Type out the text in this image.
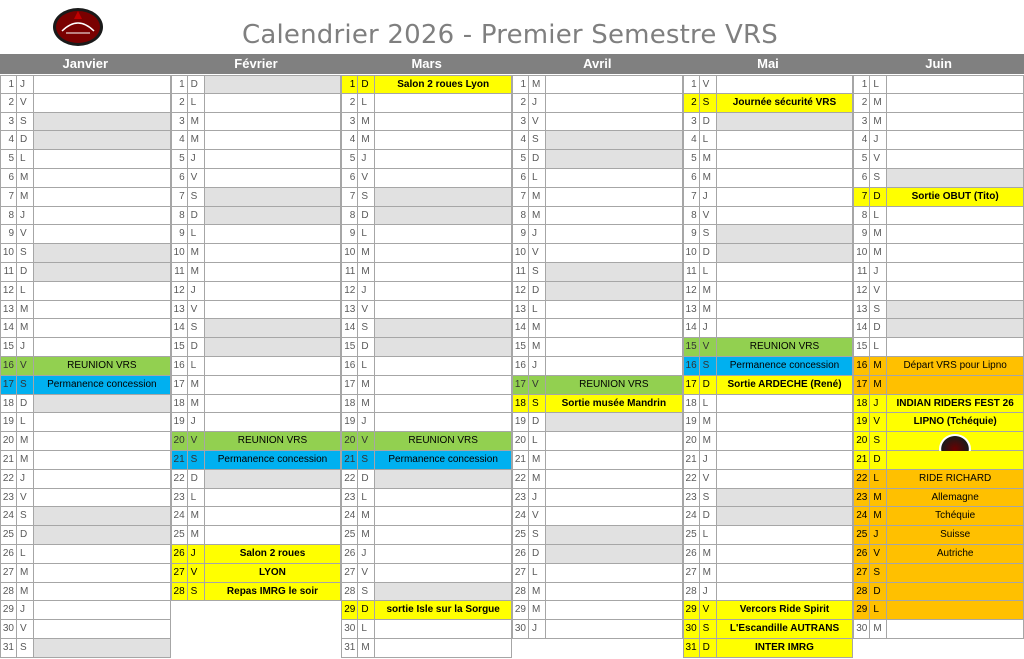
Calendrier 2026 - Premier Semestre VRS
Janvier	Février	Mars	Avril	Mai	Juin
1 J
2 V
3 S
4 D
5 L
6 M
7 M
8 J
9 V
10 S
11 D
12 L
13 M
14 M
15 J
16 V	REUNION VRS
17 S	Permanence concession
18 D
19 L
20 M
21 M
22 J
23 V
24 S
25 D
26 L
27 M
28 M
29 J
30 V
31 S
1 D
2 L
3 M
4 M
5 J
6 V
7 S
8 D
9 L
10 M
11 M
12 J
13 V
14 S
15 D
16 L
17 M
18 M
19 J
20 V	REUNION VRS
21 S	Permanence concession
22 D
23 L
24 M
25 M
26 J	Salon 2 roues
27 V	LYON
28 S	Repas IMRG le soir
1 D	Salon 2 roues Lyon
2 L
3 M
4 M
5 J
6 V
7 S
8 D
9 L
10 M
11 M
12 J
13 V
14 S
15 D
16 L
17 M
18 M
19 J
20 V	REUNION VRS
21 S	Permanence concession
22 D
23 L
24 M
25 M
26 J
27 V
28 S
29 D	sortie Isle sur la Sorgue
30 L
31 M
1 M
2 J
3 V
4 S
5 D
6 L
7 M
8 M
9 J
10 V
11 S
12 D
13 L
14 M
15 M
16 J
17 V	REUNION VRS
18 S	Sortie musée Mandrin
19 D
20 L
21 M
22 M
23 J
24 V
25 S
26 D
27 L
28 M
29 M
30 J
1 V
2 S	Journée sécurité VRS
3 D
4 L
5 M
6 M
7 J
8 V
9 S
10 D
11 L
12 M
13 M
14 J
15 V	REUNION VRS
16 S	Permanence concession
17 D	Sortie ARDECHE (René)
18 L
19 M
20 M
21 J
22 V
23 S
24 D
25 L
26 M
27 M
28 J
29 V	Vercors Ride Spirit
30 S	L'Escandille AUTRANS
31 D	INTER IMRG
1 L
2 M
3 M
4 J
5 V
6 S
7 D	Sortie OBUT (Tito)
8 L
9 M
10 M
11 J
12 V
13 S
14 D
15 L
16 M	Départ VRS pour Lipno
17 M
18 J	INDIAN RIDERS FEST 26
19 V	LIPNO (Tchéquie)
20 S
21 D
22 L	RIDE RICHARD
23 M	Allemagne
24 M	Tchéquie
25 J	Suisse
26 V	Autriche
27 S
28 D
29 L
30 M
